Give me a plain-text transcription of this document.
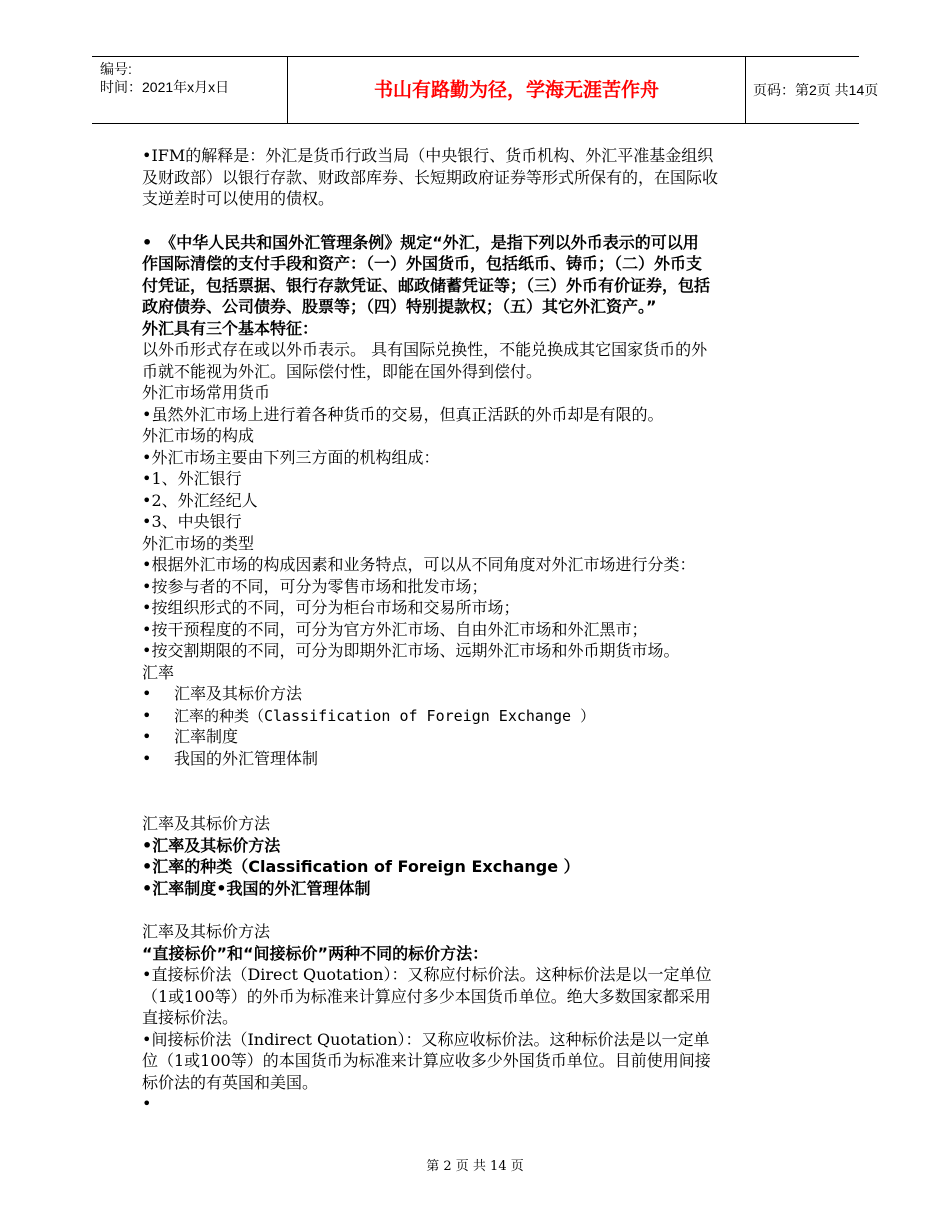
编号:
时间：2021年x月x日	书山有路勤为径，学海无涯苦作舟	页码：第2页 共14页
•IFM的解释是：外汇是货币行政当局（中央银行、货币机构、外汇平准基金组织
及财政部）以银行存款、财政部库券、长短期政府证券等形式所保有的，在国际收
支逆差时可以使用的债权。
•　《中华人民共和国外汇管理条例》规定“外汇，是指下列以外币表示的可以用
作国际清偿的支付手段和资产：（一）外国货币，包括纸币、铸币；（二）外币支
付凭证，包括票据、银行存款凭证、邮政储蓄凭证等；（三）外币有价证券，包括
政府债券、公司债券、股票等；（四）特别提款权；（五）其它外汇资产。”
外汇具有三个基本特征：
以外币形式存在或以外币表示。 具有国际兑换性，不能兑换成其它国家货币的外
币就不能视为外汇。国际偿付性，即能在国外得到偿付。
外汇市场常用货币
•虽然外汇市场上进行着各种货币的交易，但真正活跃的外币却是有限的。
外汇市场的构成
•外汇市场主要由下列三方面的机构组成：
•1、外汇银行
•2、外汇经纪人
•3、中央银行
外汇市场的类型
•根据外汇市场的构成因素和业务特点，可以从不同角度对外汇市场进行分类：
•按参与者的不同，可分为零售市场和批发市场；
•按组织形式的不同，可分为柜台市场和交易所市场；
•按干预程度的不同，可分为官方外汇市场、自由外汇市场和外汇黑市；
•按交割期限的不同，可分为即期外汇市场、远期外汇市场和外币期货市场。
汇率
• 汇率及其标价方法
• 汇率的种类（Classification of Foreign Exchange ）
• 汇率制度
• 我国的外汇管理体制
汇率及其标价方法
•汇率及其标价方法
•汇率的种类（Classification of Foreign Exchange ）
•汇率制度•我国的外汇管理体制
汇率及其标价方法
“直接标价”和“间接标价”两种不同的标价方法：
•直接标价法（Direct Quotation）：又称应付标价法。这种标价法是以一定单位
（1或100等）的外币为标准来计算应付多少本国货币单位。绝大多数国家都采用
直接标价法。
•间接标价法（Indirect Quotation）：又称应收标价法。这种标价法是以一定单
位（1或100等）的本国货币为标准来计算应收多少外国货币单位。目前使用间接
标价法的有英国和美国。
•
第 2 页 共 14 页
